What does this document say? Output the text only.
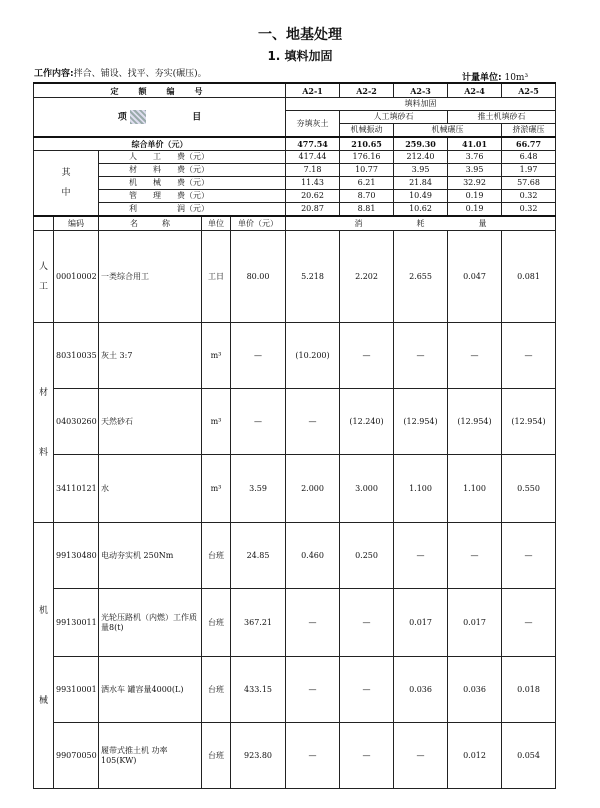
一、地基处理
1. 填料加固
工作内容:拌合、铺设、找平、夯实(碾压)。	计量单位: 10m³
定　额　编　号					A2-1	A2-2	A2-3	A2-4	A2-5
项 目					填料加固				
					夯填灰土	人工填砂石		推土机填砂石	
						机械振动	机械碾压		挤淤碾压
综合单价（元）					477.54	210.65	259.30	41.01	66.77
其

中		人　　工　　费（元）			417.44	176.16	212.40	3.76	6.48
		材　　料　　费（元）			7.18	10.77	3.95	3.95	1.97
		机　　械　　费（元）			11.43	6.21	21.84	32.92	57.68
		管　　理　　费（元）			20.62	8.70	10.49	0.19	0.32
		利　　　　　润（元）			20.87	8.81	10.62	0.19	0.32
	编码	名　　　称	单位	单价（元）	消 耗 量				
人

工	00010002	一类综合用工	工日	80.00	5.218	2.202	2.655	0.047	0.081
材

料	80310035	灰土 3:7	m³	—	(10.200)	—	—	—	—
	04030260	天然砂石	m³	—	—	(12.240)	(12.954)	(12.954)	(12.954)
	34110121	水	m³	3.59	2.000	3.000	1.100	1.100	0.550
机

械	99130480	电动夯实机 250Nm	台班	24.85	0.460	0.250	—	—	—
	99130011	光轮压路机（内燃）工作质量8(t)	台班	367.21	—	—	0.017	0.017	—
	99310001	洒水车 罐容量4000(L)	台班	433.15	—	—	0.036	0.036	0.018
	99070050	履带式推土机 功率105(KW)	台班	923.80	—	—	—	0.012	0.054
